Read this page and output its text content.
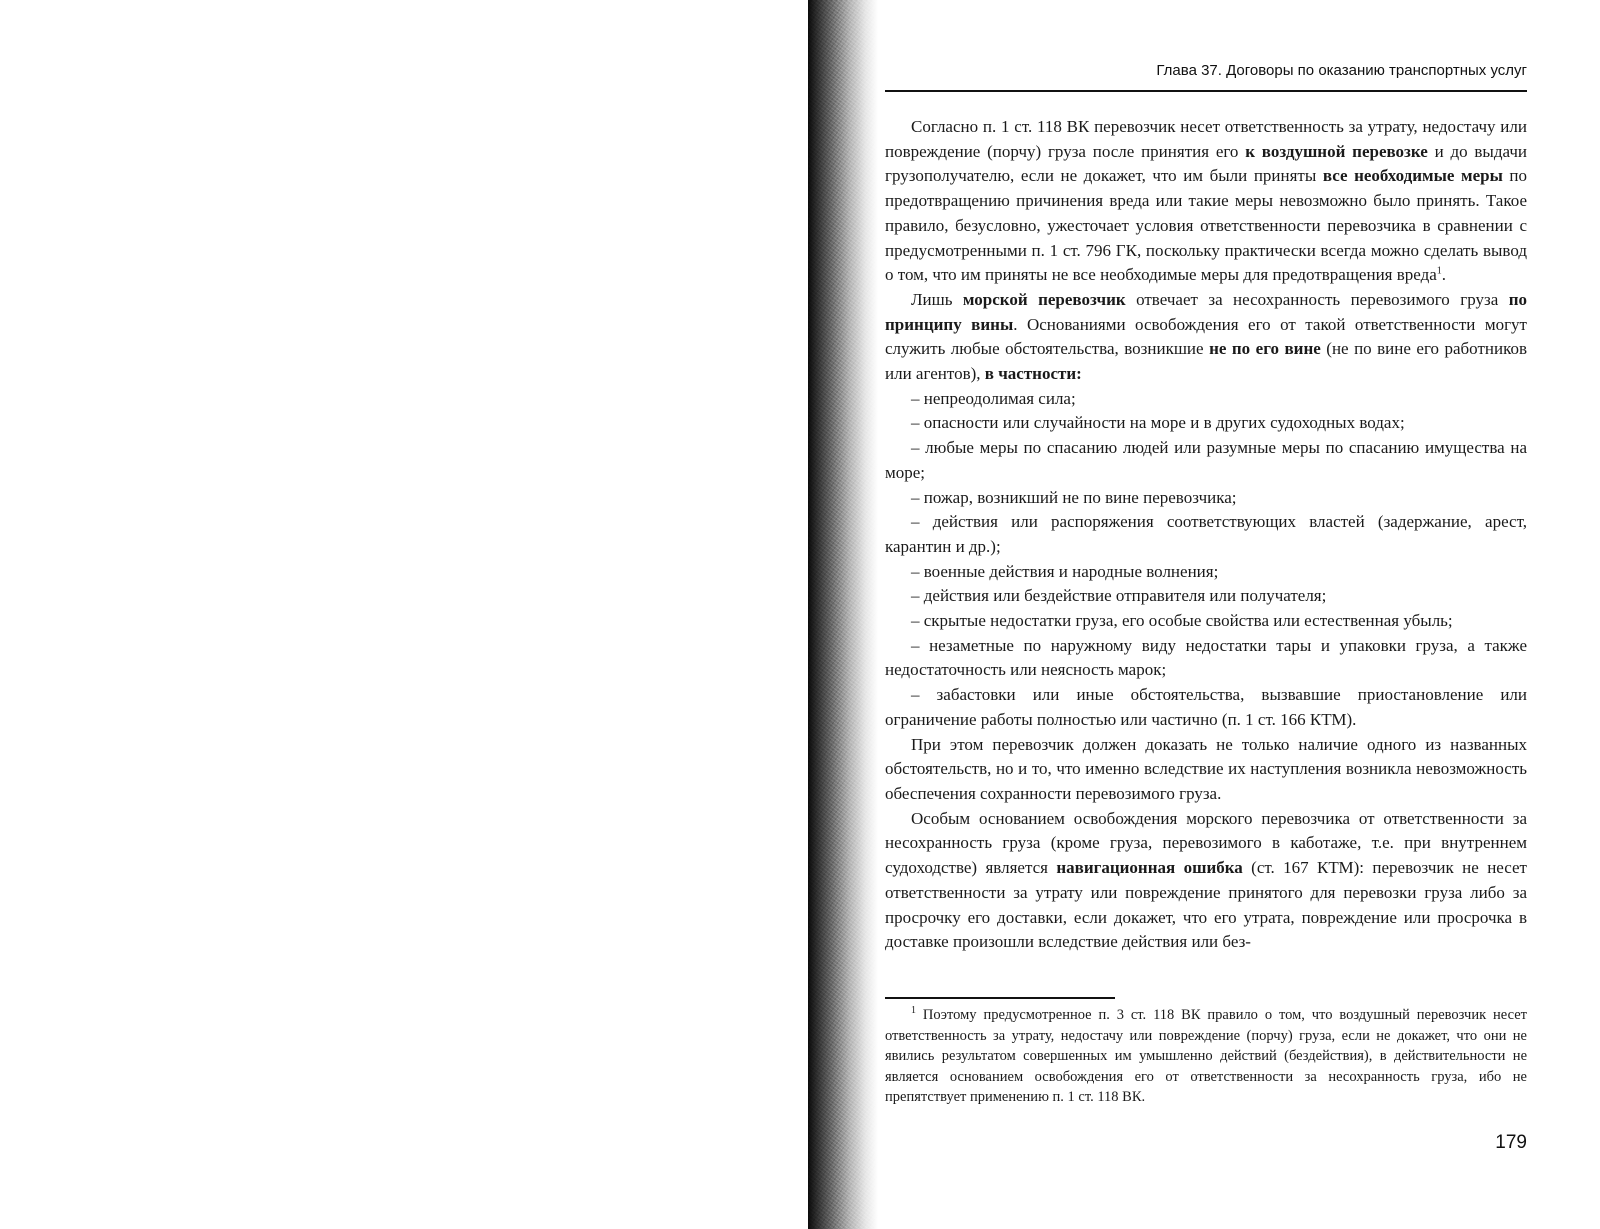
Глава 37. Договоры по оказанию транспортных услуг

Согласно п. 1 ст. 118 ВК перевозчик несет ответственность за утрату, недостачу или повреждение (порчу) груза после принятия его к воздушной перевозке и до выдачи грузополучателю, если не докажет, что им были приняты все необходимые меры по предотвращению причинения вреда или такие меры невозможно было принять. Такое правило, безусловно, ужесточает условия ответственности перевозчика в сравнении с предусмотренными п. 1 ст. 796 ГК, поскольку практически всегда можно сделать вывод о том, что им приняты не все необходимые меры для предотвращения вреда$^1$.

Лишь морской перевозчик отвечает за несохранность перевозимого груза по принципу вины. Основаниями освобождения его от такой ответственности могут служить любые обстоятельства, возникшие не по его вине (не по вине его работников или агентов), в частности:

– непреодолимая сила;
– опасности или случайности на море и в других судоходных водах;
– любые меры по спасанию людей или разумные меры по спасанию имущества на море;
– пожар, возникший не по вине перевозчика;
– действия или распоряжения соответствующих властей (задержание, арест, карантин и др.);
– военные действия и народные волнения;
– действия или бездействие отправителя или получателя;
– скрытые недостатки груза, его особые свойства или естественная убыль;
– незаметные по наружному виду недостатки тары и упаковки груза, а также недостаточность или неясность марок;
– забастовки или иные обстоятельства, вызвавшие приостановление или ограничение работы полностью или частично (п. 1 ст. 166 КТМ).

При этом перевозчик должен доказать не только наличие одного из названных обстоятельств, но и то, что именно вследствие их наступления возникла невозможность обеспечения сохранности перевозимого груза.

Особым основанием освобождения морского перевозчика от ответственности за несохранность груза (кроме груза, перевозимого в каботаже, т.е. при внутреннем судоходстве) является навигационная ошибка (ст. 167 КТМ): перевозчик не несет ответственности за утрату или повреждение принятого для перевозки груза либо за просрочку его доставки, если докажет, что его утрата, повреждение или просрочка в доставке произошли вследствие действия или без-

$^1$ Поэтому предусмотренное п. 3 ст. 118 ВК правило о том, что воздушный перевозчик несет ответственность за утрату, недостачу или повреждение (порчу) груза, если не докажет, что они не явились результатом совершенных им умышленно действий (бездействия), в действительности не является основанием освобождения его от ответственности за несохранность груза, ибо не препятствует применению п. 1 ст. 118 ВК.
179
